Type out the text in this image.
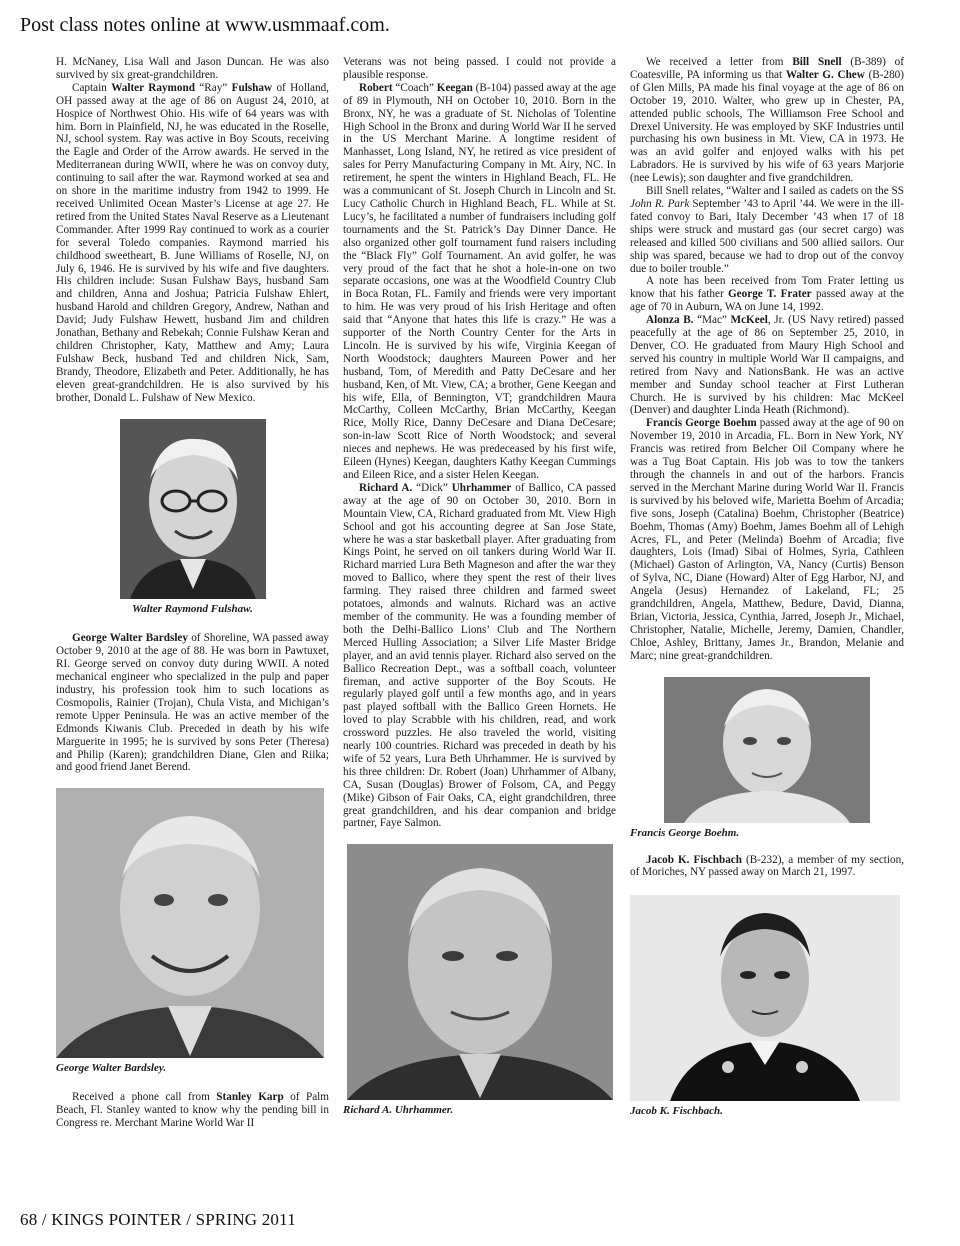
Post class notes online at www.usmmaaf.com.

H. McNaney, Lisa Wall and Jason Duncan. He was also survived by six great-grandchildren.

Captain Walter Raymond “Ray” Fulshaw of Holland, OH passed away at the age of 86 on August 24, 2010, at Hospice of Northwest Ohio. His wife of 64 years was with him. Born in Plainfield, NJ, he was educated in the Roselle, NJ, school system. Ray was active in Boy Scouts, receiving the Eagle and Order of the Arrow awards. He served in the Mediterranean during WWII, where he was on convoy duty, continuing to sail after the war. Raymond worked at sea and on shore in the maritime industry from 1942 to 1999. He received Unlimited Ocean Master’s License at age 27. He retired from the United States Naval Reserve as a Lieutenant Commander. After 1999 Ray continued to work as a courier for several Toledo companies. Raymond married his childhood sweetheart, B. June Williams of Roselle, NJ, on July 6, 1946. He is survived by his wife and five daughters. His children include: Susan Fulshaw Bays, husband Sam and children, Anna and Joshua; Patricia Fulshaw Ehlert, husband Harold and children Gregory, Andrew, Nathan and David; Judy Fulshaw Hewett, husband Jim and children Jonathan, Bethany and Rebekah; Connie Fulshaw Keran and children Christopher, Katy, Matthew and Amy; Laura Fulshaw Beck, husband Ted and children Nick, Sam, Brandy, Theodore, Elizabeth and Peter. Additionally, he has eleven great-grandchildren. He is also survived by his brother, Donald L. Fulshaw of New Mexico.

Walter Raymond Fulshaw.

George Walter Bardsley of Shoreline, WA passed away October 9, 2010 at the age of 88. He was born in Pawtuxet, RI. George served on convoy duty during WWII. A noted mechanical engineer who specialized in the pulp and paper industry, his profession took him to such locations as Cosmopolis, Rainier (Trojan), Chula Vista, and Michigan’s remote Upper Peninsula. He was an active member of the Edmonds Kiwanis Club. Preceded in death by his wife Marguerite in 1995; he is survived by sons Peter (Theresa) and Philip (Karen); grandchildren Diane, Glen and Riika; and good friend Janet Berend.

George Walter Bardsley.

Received a phone call from Stanley Karp of Palm Beach, Fl. Stanley wanted to know why the pending bill in Congress re. Merchant Marine World War II

Veterans was not being passed. I could not provide a plausible response.

Robert “Coach” Keegan (B-104) passed away at the age of 89 in Plymouth, NH on October 10, 2010. Born in the Bronx, NY, he was a graduate of St. Nicholas of Tolentine High School in the Bronx and during World War II he served in the US Merchant Marine. A longtime resident of Manhasset, Long Island, NY, he retired as vice president of sales for Perry Manufacturing Company in Mt. Airy, NC. In retirement, he spent the winters in Highland Beach, FL. He was a communicant of St. Joseph Church in Lincoln and St. Lucy Catholic Church in Highland Beach, FL. While at St. Lucy’s, he facilitated a number of fundraisers including golf tournaments and the St. Patrick’s Day Dinner Dance. He also organized other golf tournament fund raisers including the “Black Fly” Golf Tournament. An avid golfer, he was very proud of the fact that he shot a hole-in-one on two separate occasions, one was at the Woodfield Country Club in Boca Rotan, FL. Family and friends were very important to him. He was very proud of his Irish Heritage and often said that “Anyone that hates this life is crazy.” He was a supporter of the North Country Center for the Arts in Lincoln. He is survived by his wife, Virginia Keegan of North Woodstock; daughters Maureen Power and her husband, Tom, of Meredith and Patty DeCesare and her husband, Ken, of Mt. View, CA; a brother, Gene Keegan and his wife, Ella, of Bennington, VT; grandchildren Maura McCarthy, Colleen McCarthy, Brian McCarthy, Keegan Rice, Molly Rice, Danny DeCesare and Diana DeCesare; son-in-law Scott Rice of North Woodstock; and several nieces and nephews. He was predeceased by his first wife, Eileen (Hynes) Keegan, daughters Kathy Keegan Cummings and Eileen Rice, and a sister Helen Keegan.

Richard A. “Dick” Uhrhammer of Ballico, CA passed away at the age of 90 on October 30, 2010. Born in Mountain View, CA, Richard graduated from Mt. View High School and got his accounting degree at San Jose State, where he was a star basketball player. After graduating from Kings Point, he served on oil tankers during World War II. Richard married Lura Beth Magneson and after the war they moved to Ballico, where they spent the rest of their lives farming. They raised three children and farmed sweet potatoes, almonds and walnuts. Richard was an active member of the community. He was a founding member of both the Delhi-Ballico Lions’ Club and The Northern Merced Hulling Association; a Silver Life Master Bridge player, and an avid tennis player. Richard also served on the Ballico Recreation Dept., was a softball coach, volunteer fireman, and active supporter of the Boy Scouts. He regularly played golf until a few months ago, and in years past played softball with the Ballico Green Hornets. He loved to play Scrabble with his children, read, and work crossword puzzles. He also traveled the world, visiting nearly 100 countries. Richard was preceded in death by his wife of 52 years, Lura Beth Uhrhammer. He is survived by his three children: Dr. Robert (Joan) Uhrhammer of Albany, CA, Susan (Douglas) Brower of Folsom, CA, and Peggy (Mike) Gibson of Fair Oaks, CA, eight grandchildren, three great grandchildren, and his dear companion and bridge partner, Faye Salmon.

Richard A. Uhrhammer.

We received a letter from Bill Snell (B-389) of Coatesville, PA informing us that Walter G. Chew (B-280) of Glen Mills, PA made his final voyage at the age of 86 on October 19, 2010. Walter, who grew up in Chester, PA, attended public schools, The Williamson Free School and Drexel University. He was employed by SKF Industries until purchasing his own business in Mt. View, CA in 1973. He was an avid golfer and enjoyed walks with his pet Labradors. He is survived by his wife of 63 years Marjorie (nee Lewis); son daughter and five grandchildren.

Bill Snell relates, “Walter and I sailed as cadets on the SS John R. Park September ’43 to April ’44. We were in the ill-fated convoy to Bari, Italy December ’43 when 17 of 18 ships were struck and mustard gas (our secret cargo) was released and killed 500 civilians and 500 allied sailors. Our ship was spared, because we had to drop out of the convoy due to boiler trouble.”

A note has been received from Tom Frater letting us know that his father George T. Frater passed away at the age of 70 in Auburn, WA on June 14, 1992.

Alonza B. “Mac” McKeel, Jr. (US Navy retired) passed peacefully at the age of 86 on September 25, 2010, in Denver, CO. He graduated from Maury High School and served his country in multiple World War II campaigns, and retired from Navy and NationsBank. He was an active member and Sunday school teacher at First Lutheran Church. He is survived by his children: Mac McKeel (Denver) and daughter Linda Heath (Richmond).

Francis George Boehm passed away at the age of 90 on November 19, 2010 in Arcadia, FL. Born in New York, NY Francis was retired from Belcher Oil Company where he was a Tug Boat Captain. His job was to tow the tankers through the channels in and out of the harbors. Francis served in the Merchant Marine during World War II. Francis is survived by his beloved wife, Marietta Boehm of Arcadia; five sons, Joseph (Catalina) Boehm, Christopher (Beatrice) Boehm, Thomas (Amy) Boehm, James Boehm all of Lehigh Acres, FL, and Peter (Melinda) Boehm of Arcadia; five daughters, Lois (Imad) Sibai of Holmes, Syria, Cathleen (Michael) Gaston of Arlington, VA, Nancy (Curtis) Benson of Sylva, NC, Diane (Howard) Alter of Egg Harbor, NJ, and Angela (Jesus) Hernandez of Lakeland, FL; 25 grandchildren, Angela, Matthew, Bedure, David, Dianna, Brian, Victoria, Jessica, Cynthia, Jarred, Joseph Jr., Michael, Christopher, Natalie, Michelle, Jeremy, Damien, Chandler, Chloe, Ashley, Brittany, James Jr., Brandon, Melanie and Marc; nine great-grandchildren.

Francis George Boehm.

Jacob K. Fischbach (B-232), a member of my section, of Moriches, NY passed away on March 21, 1997.

Jacob K. Fischbach.
68 / KINGS POINTER / SPRING 2011
